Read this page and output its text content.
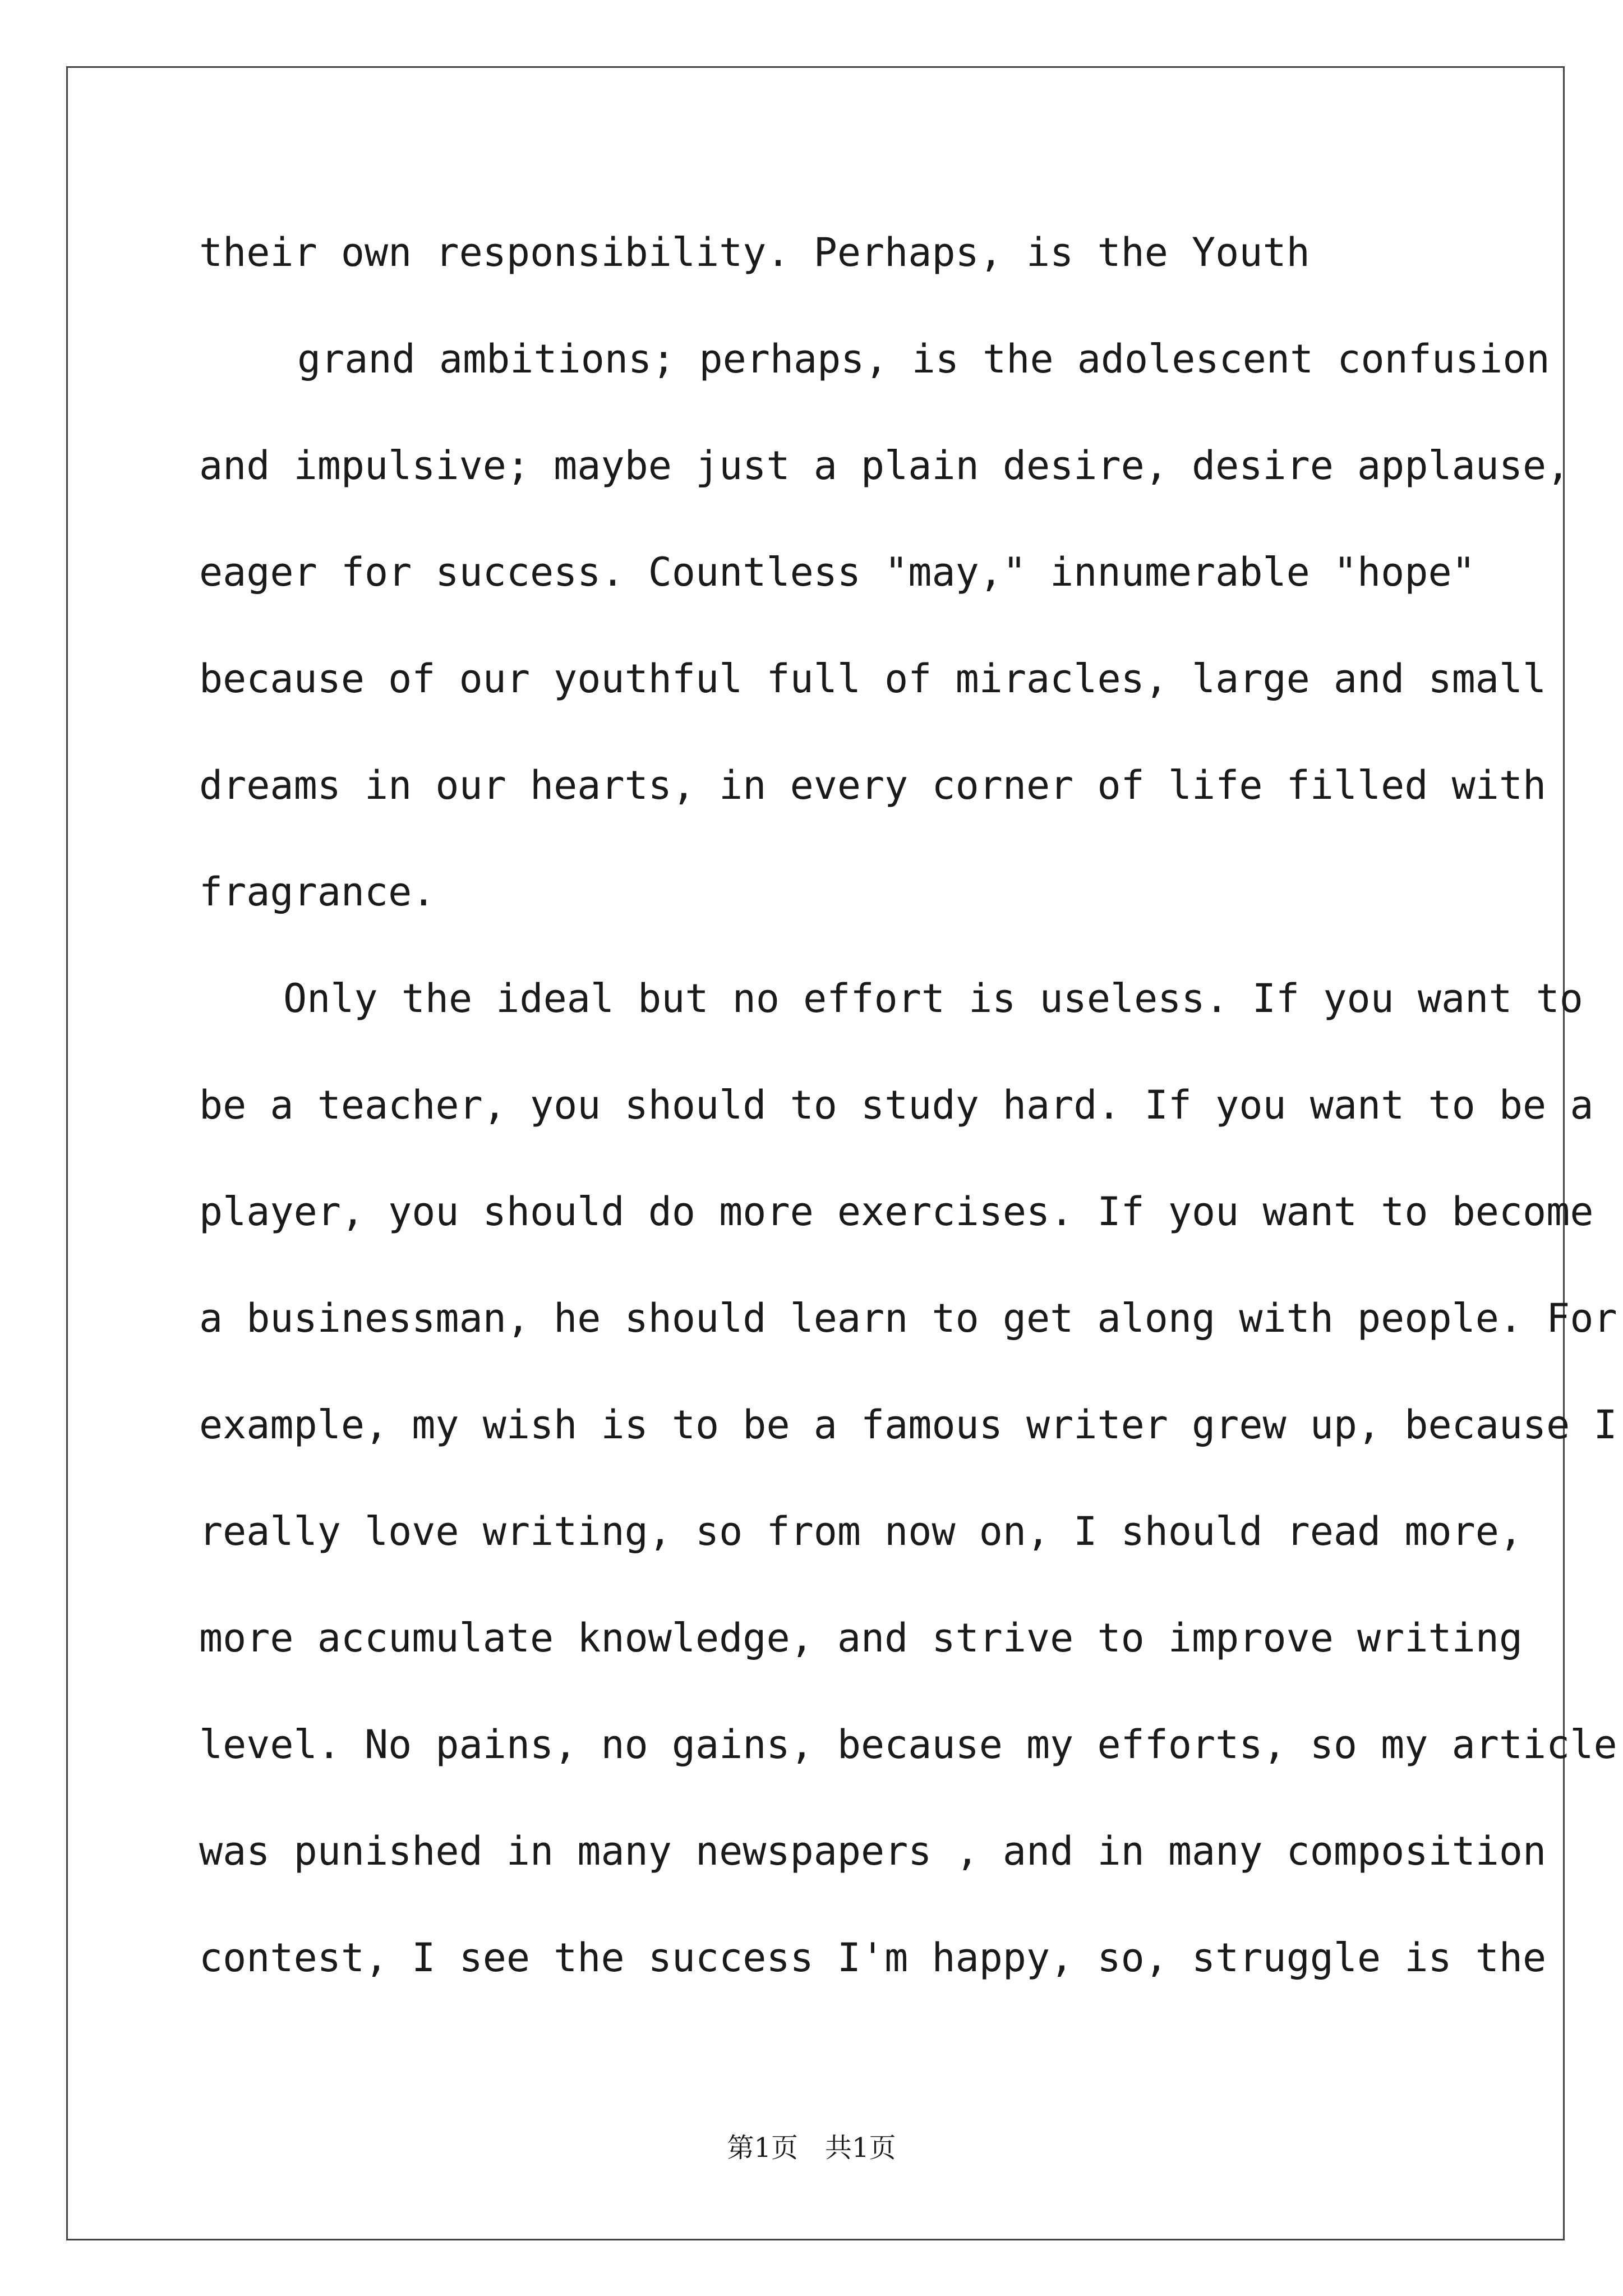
their own responsibility. Perhaps, is the Youth
grand ambitions; perhaps, is the adolescent confusion
and impulsive; maybe just a plain desire, desire applause,
eager for success. Countless "may," innumerable "hope"
because of our youthful full of miracles, large and small
dreams in our hearts, in every corner of life filled with
fragrance.
Only the ideal but no effort is useless. If you want to
be a teacher, you should to study hard. If you want to be a
player, you should do more exercises. If you want to become
a businessman, he should learn to get along with people. For
example, my wish is to be a famous writer grew up, because I
really love writing, so from now on, I should read more,
more accumulate knowledge, and strive to improve writing
level. No pains, no gains, because my efforts, so my article
was punished in many newspapers , and in many composition
contest, I see the success I'm happy, so, struggle is the
第1页　共1页
